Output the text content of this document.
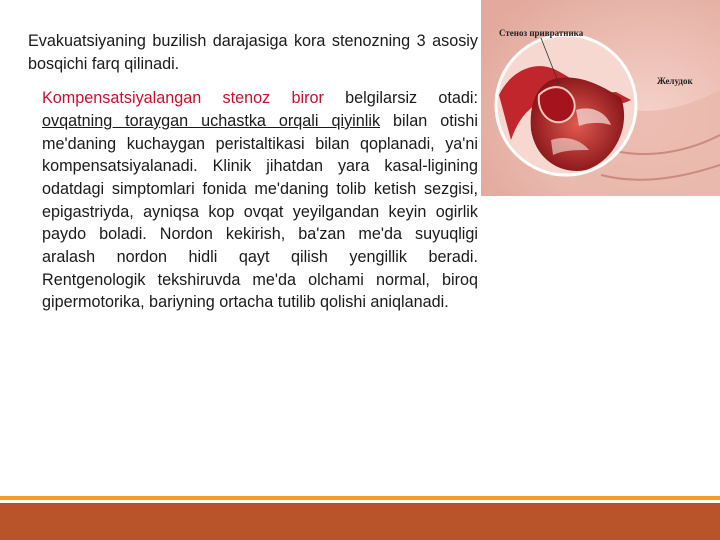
Evakuatsiyaning buzilish darajasiga kora stenozning 3 asosiy bosqichi farq qilinadi.

Kompensatsiyalangan stenoz biror belgilarsiz otadi: ovqatning toraygan uchastka orqali qiyinlik bilan otishi me'daning kuchaygan peristaltikasi bilan qoplanadi, ya'ni kompensatsiyalanadi. Klinik jihatdan yara kasal-ligining odatdagi simptomlari fonida me'daning tolib ketish sezgisi, epigastriyda, ayniqsa kop ovqat yeyilgandan keyin ogirlik paydo boladi. Nordon kekirish, ba'zan me'da suyuqligi aralash nordon hidli qayt qilish yengillik beradi. Rentgenologik tekshiruvda me'da olchami normal, biroq gipermotorika, bariyning ortacha tutilib qolishi aniqlanadi.

Стеноз привратника
Желудок
